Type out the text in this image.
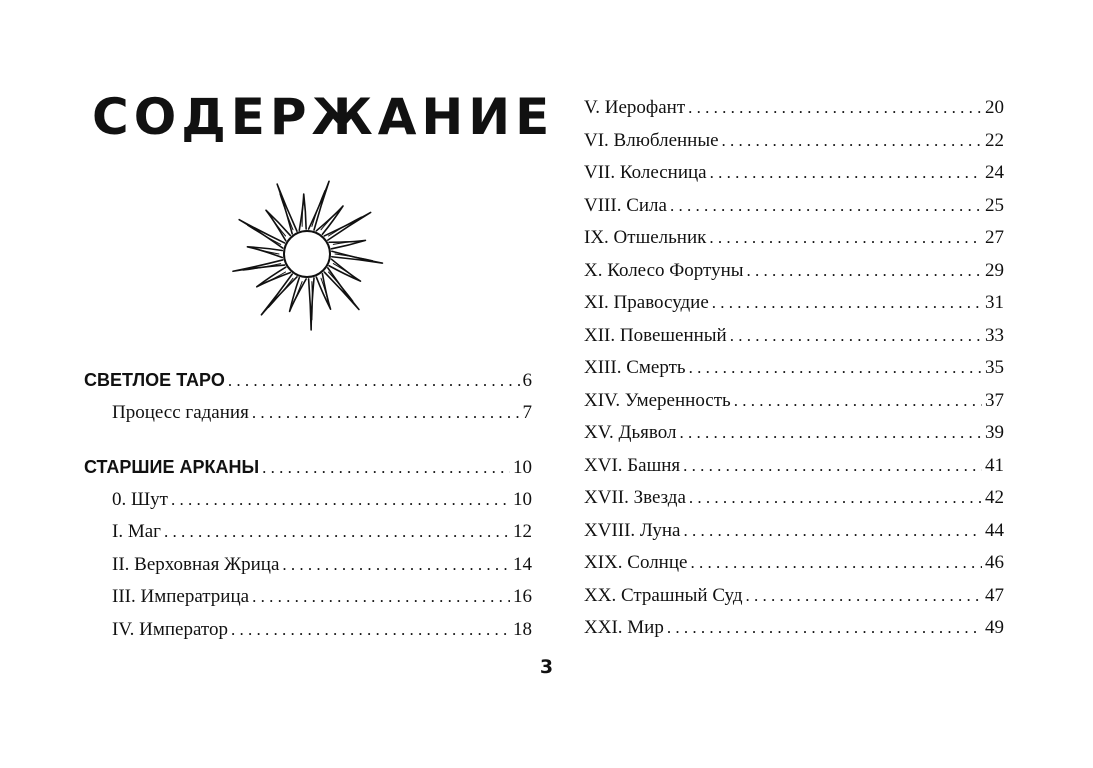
СОДЕРЖАНИЕ
СВЕТЛОЕ ТАРО . . .	6
Процесс гадания . . .	7
СТАРШИЕ АРКАНЫ . . .	10
0. Шут . . .	10
I. Маг . . .	12
II. Верховная Жрица . . .	14
III. Императрица . . .	16
IV. Император . . .	18
V. Иерофант . . .	20
VI. Влюбленные . . .	22
VII. Колесница . . .	24
VIII. Сила . . .	25
IX. Отшельник . . .	27
X. Колесо Фортуны . . .	29
XI. Правосудие . . .	31
XII. Повешенный . . .	33
XIII. Смерть . . .	35
XIV. Умеренность . . .	37
XV. Дьявол . . .	39
XVI. Башня . . .	41
XVII. Звезда . . .	42
XVIII. Луна . . .	44
XIX. Солнце . . .	46
XX. Страшный Суд . . .	47
XXI. Мир . . .	49
3
